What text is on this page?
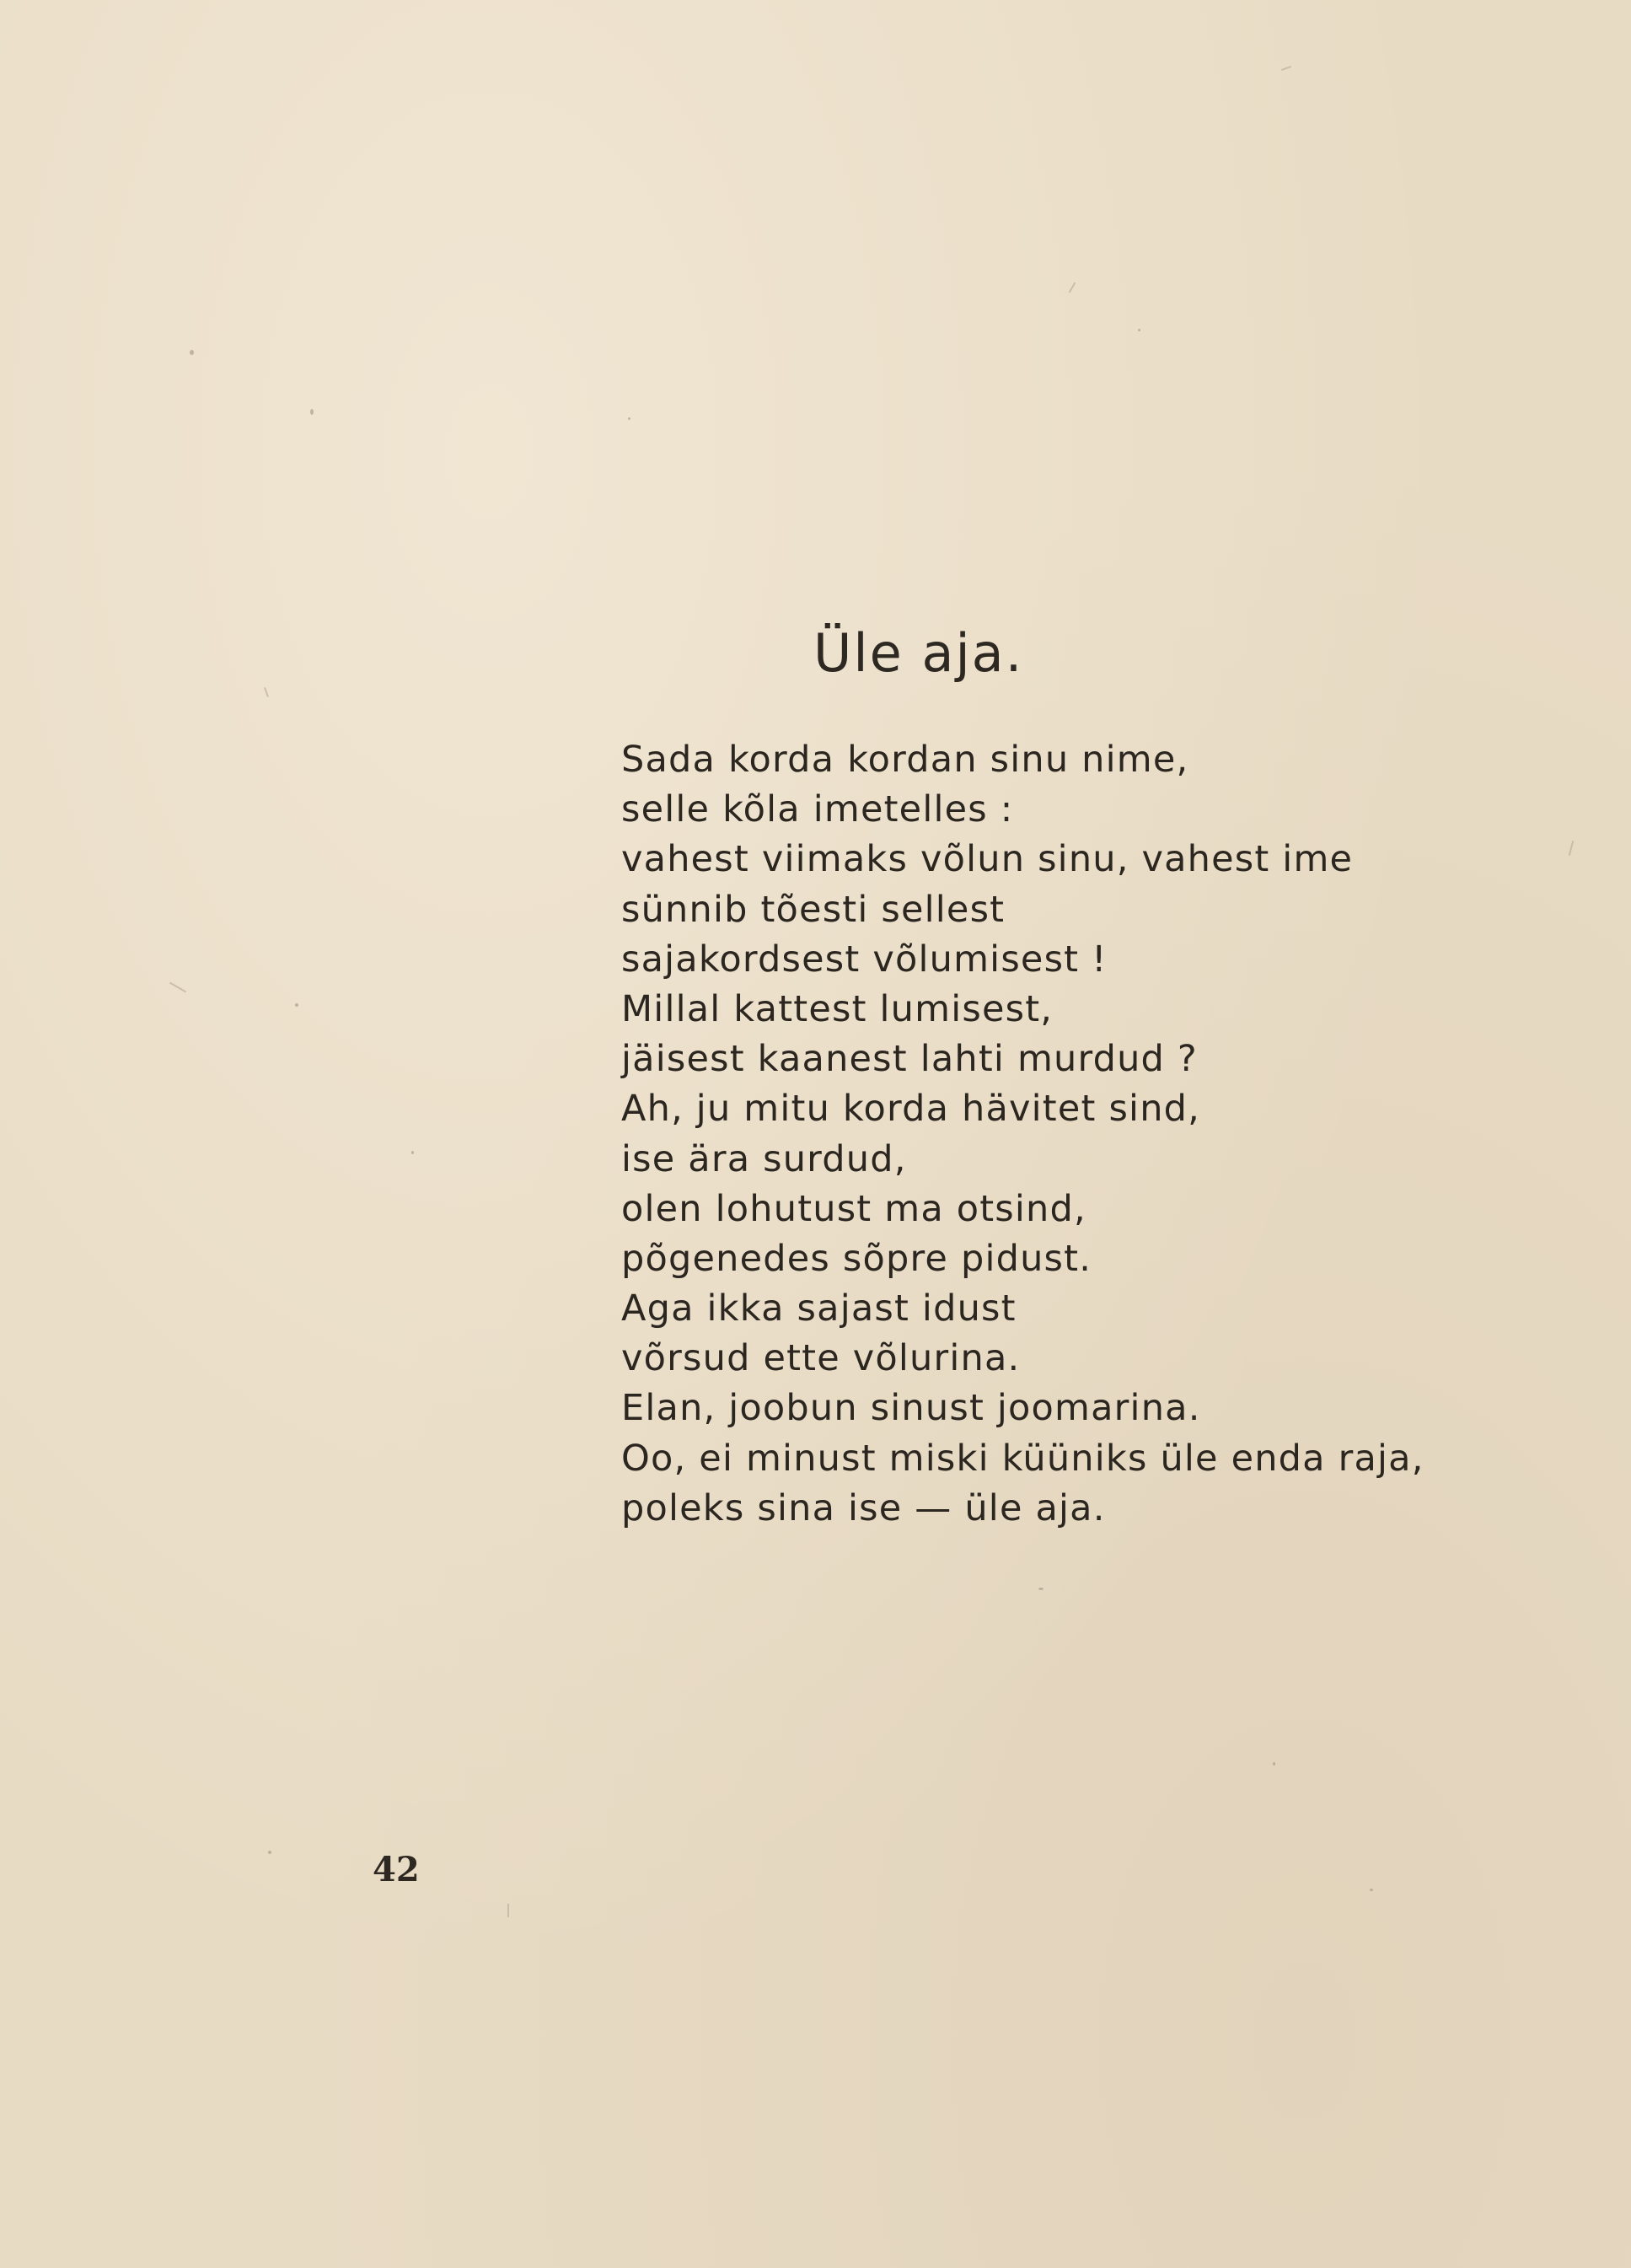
Üle aja.
Sada korda kordan sinu nime,
selle kõla imetelles :
vahest viimaks võlun sinu, vahest ime
sünnib tõesti sellest
sajakordsest võlumisest !
Millal kattest lumisest,
jäisest kaanest lahti murdud ?
Ah, ju mitu korda hävitet sind,
ise ära surdud,
olen lohutust ma otsind,
põgenedes sõpre pidust.
Aga ikka sajast idust
võrsud ette võlurina.
Elan, joobun sinust joomarina.
Oo, ei minust miski küüniks üle enda raja,
poleks sina ise — üle aja.
42
